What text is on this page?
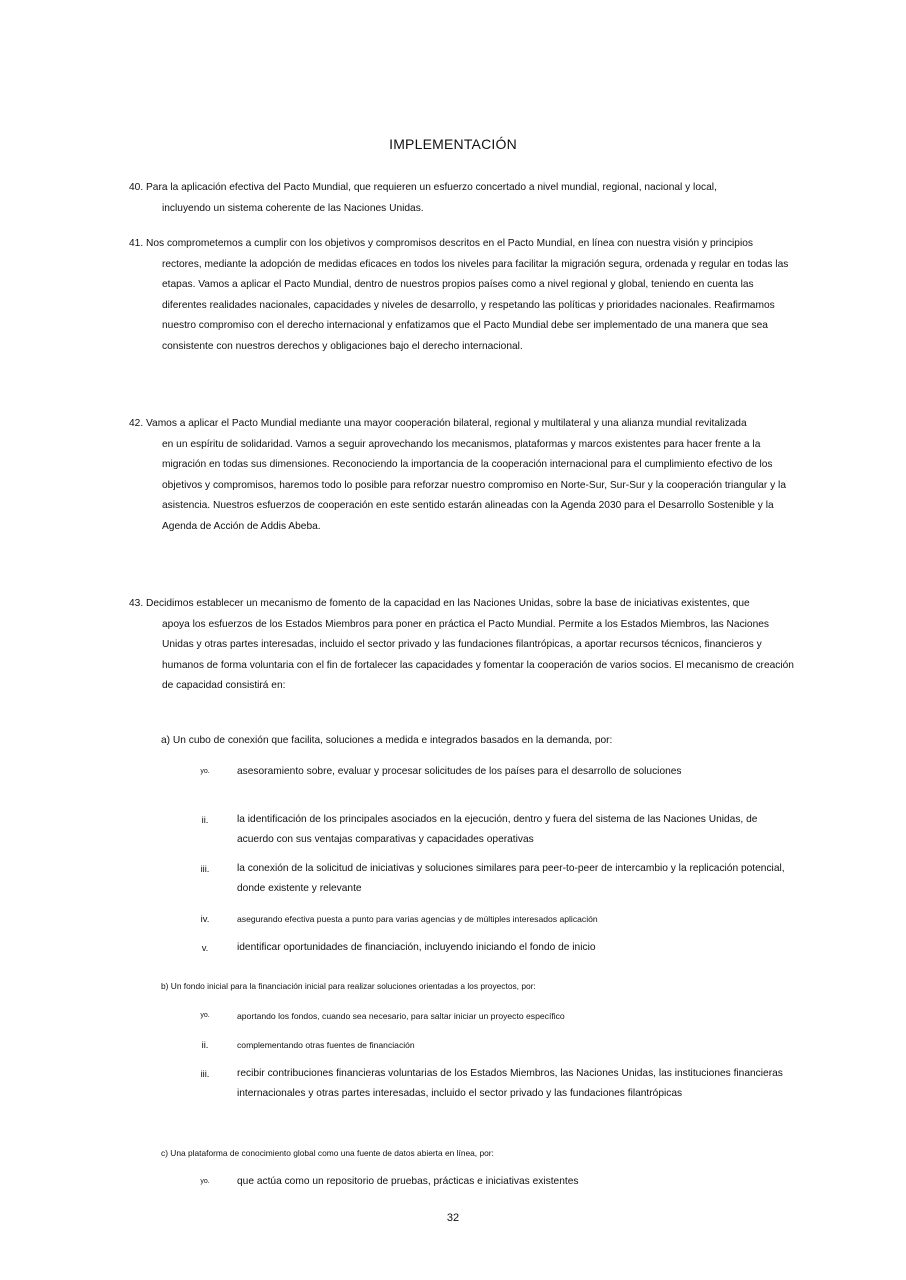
IMPLEMENTACIÓN
40. Para la aplicación efectiva del Pacto Mundial, que requieren un esfuerzo concertado a nivel mundial, regional, nacional y local,
incluyendo un sistema coherente de las Naciones Unidas.
41. Nos comprometemos a cumplir con los objetivos y compromisos descritos en el Pacto Mundial, en línea con nuestra visión y principios
rectores, mediante la adopción de medidas eficaces en todos los niveles para facilitar la migración segura, ordenada y regular en todas las etapas. Vamos a aplicar el Pacto Mundial, dentro de nuestros propios países como a nivel regional y global, teniendo en cuenta las diferentes realidades nacionales, capacidades y niveles de desarrollo, y respetando las políticas y prioridades nacionales. Reafirmamos nuestro compromiso con el derecho internacional y enfatizamos que el Pacto Mundial debe ser implementado de una manera que sea consistente con nuestros derechos y obligaciones bajo el derecho internacional.
42. Vamos a aplicar el Pacto Mundial mediante una mayor cooperación bilateral, regional y multilateral y una alianza mundial revitalizada
en un espíritu de solidaridad. Vamos a seguir aprovechando los mecanismos, plataformas y marcos existentes para hacer frente a la migración en todas sus dimensiones. Reconociendo la importancia de la cooperación internacional para el cumplimiento efectivo de los objetivos y compromisos, haremos todo lo posible para reforzar nuestro compromiso en Norte-Sur, Sur-Sur y la cooperación triangular y la asistencia. Nuestros esfuerzos de cooperación en este sentido estarán alineadas con la Agenda 2030 para el Desarrollo Sostenible y la Agenda de Acción de Addis Abeba.
43. Decidimos establecer un mecanismo de fomento de la capacidad en las Naciones Unidas, sobre la base de iniciativas existentes, que
apoya los esfuerzos de los Estados Miembros para poner en práctica el Pacto Mundial. Permite a los Estados Miembros, las Naciones Unidas y otras partes interesadas, incluido el sector privado y las fundaciones filantrópicas, a aportar recursos técnicos, financieros y humanos de forma voluntaria con el fin de fortalecer las capacidades y fomentar la cooperación de varios socios. El mecanismo de creación de capacidad consistirá en:
a) Un cubo de conexión que facilita, soluciones a medida e integrados basados en la demanda, por:
yo.	asesoramiento sobre, evaluar y procesar solicitudes de los países para el desarrollo de soluciones
ii.	la identificación de los principales asociados en la ejecución, dentro y fuera del sistema de las Naciones Unidas, de acuerdo con sus ventajas comparativas y capacidades operativas
iii.	la conexión de la solicitud de iniciativas y soluciones similares para peer-to-peer de intercambio y la replicación potencial, donde existente y relevante
iv.	asegurando efectiva puesta a punto para varias agencias y de múltiples interesados aplicación
v.	identificar oportunidades de financiación, incluyendo iniciando el fondo de inicio
b) Un fondo inicial para la financiación inicial para realizar soluciones orientadas a los proyectos, por:
yo.	aportando los fondos, cuando sea necesario, para saltar iniciar un proyecto específico
ii.	complementando otras fuentes de financiación
iii.	recibir contribuciones financieras voluntarias de los Estados Miembros, las Naciones Unidas, las instituciones financieras internacionales y otras partes interesadas, incluido el sector privado y las fundaciones filantrópicas
c) Una plataforma de conocimiento global como una fuente de datos abierta en línea, por:
yo.	que actúa como un repositorio de pruebas, prácticas e iniciativas existentes
32
